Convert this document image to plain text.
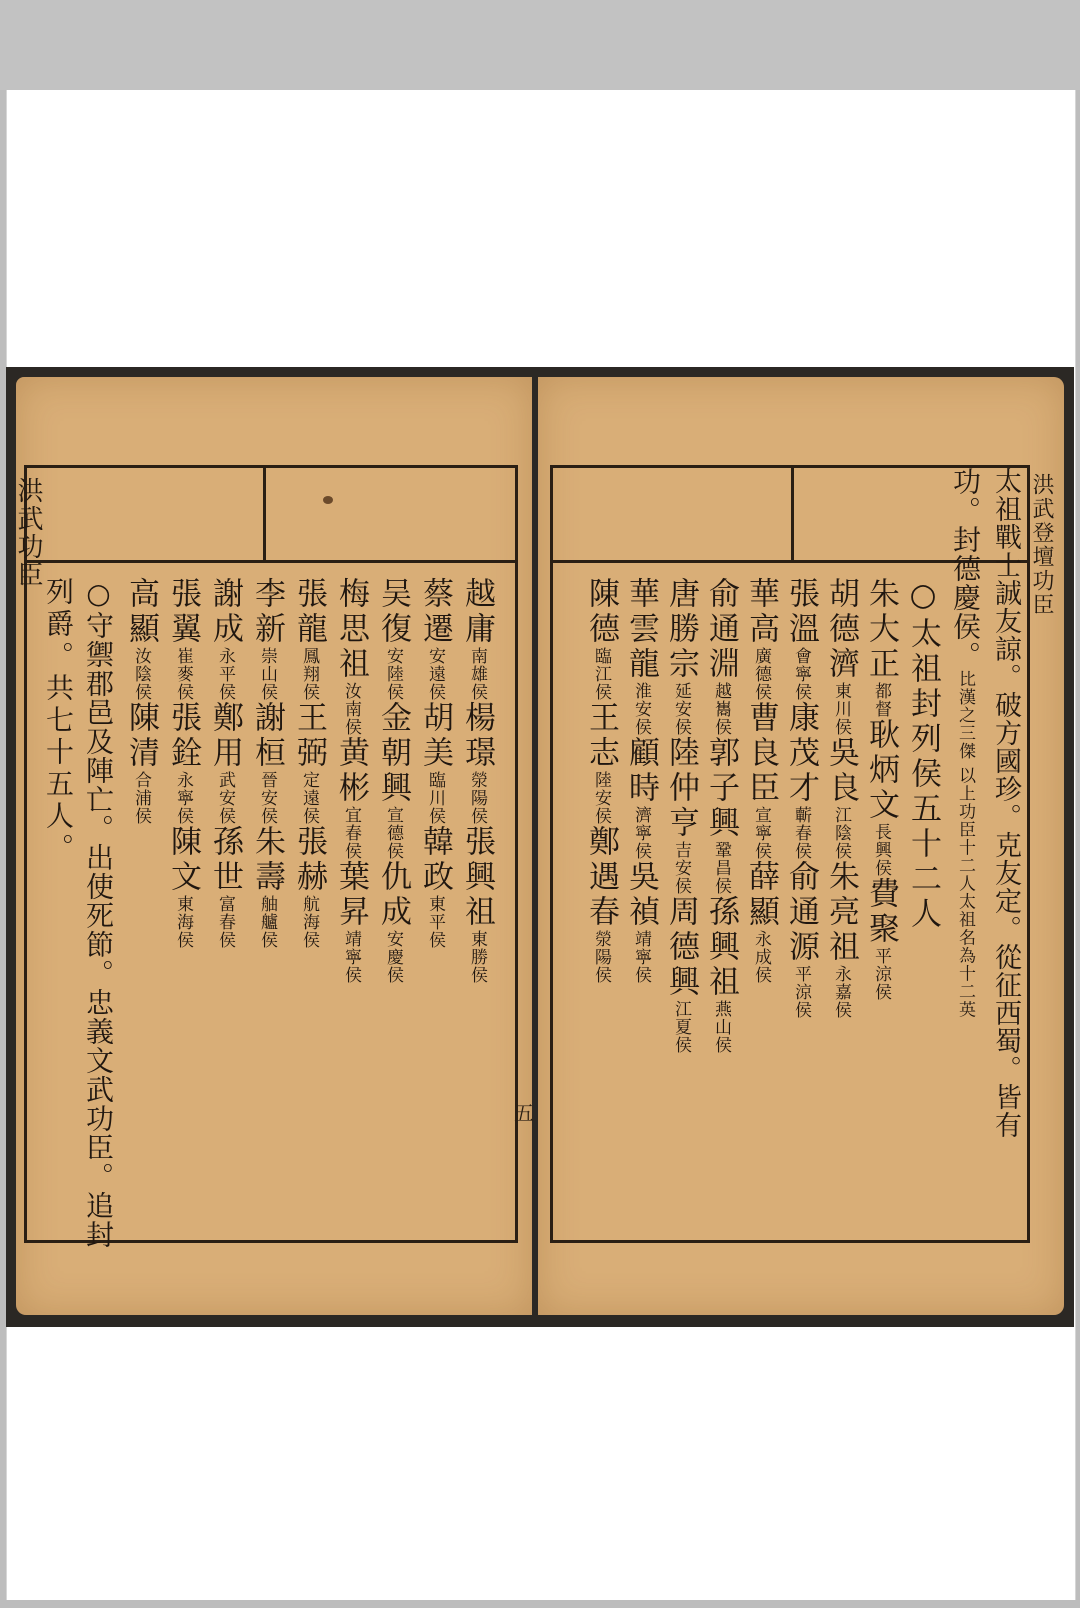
越庸南雄侯楊璟滎陽侯張興祖東勝侯
蔡遷安遠侯胡美臨川侯韓政東平侯
吴復安陸侯金朝興宣德侯仇成安慶侯
梅思祖汝南侯黄彬宜春侯葉昇靖寧侯
張龍鳳翔侯王弼定遠侯張赫航海侯
李新崇山侯謝桓晉安侯朱壽舳艫侯
謝成永平侯鄭用武安侯孫世富春侯
張翼崔麥侯張銓永寧侯陳文東海侯
高顯汝陰侯陳清合浦侯
○守禦郡邑及陣亡。出使死節。忠義文武功臣。追封
列爵。共七十五人。
洪武功臣
五	太祖戰士誠友諒。破方國珍。克友定。從征西蜀。皆有
功。封德慶侯。比漢之三傑 以上功臣十二人太祖名為十二英
○太祖封列侯五十二人
朱大正都督耿炳文長興侯費聚平涼侯
胡德濟東川侯吳良江陰侯朱亮祖永嘉侯
張溫會寧侯康茂才蘄春侯俞通源平涼侯
華高廣德侯曹良臣宣寧侯薛顯永成侯
俞通淵越巂侯郭子興鞏昌侯孫興祖燕山侯
唐勝宗延安侯陸仲亨吉安侯周德興江夏侯
華雲龍淮安侯顧時濟寧侯吳禎靖寧侯
陳德臨江侯王志陸安侯鄭遇春滎陽侯
洪武登壇功臣
